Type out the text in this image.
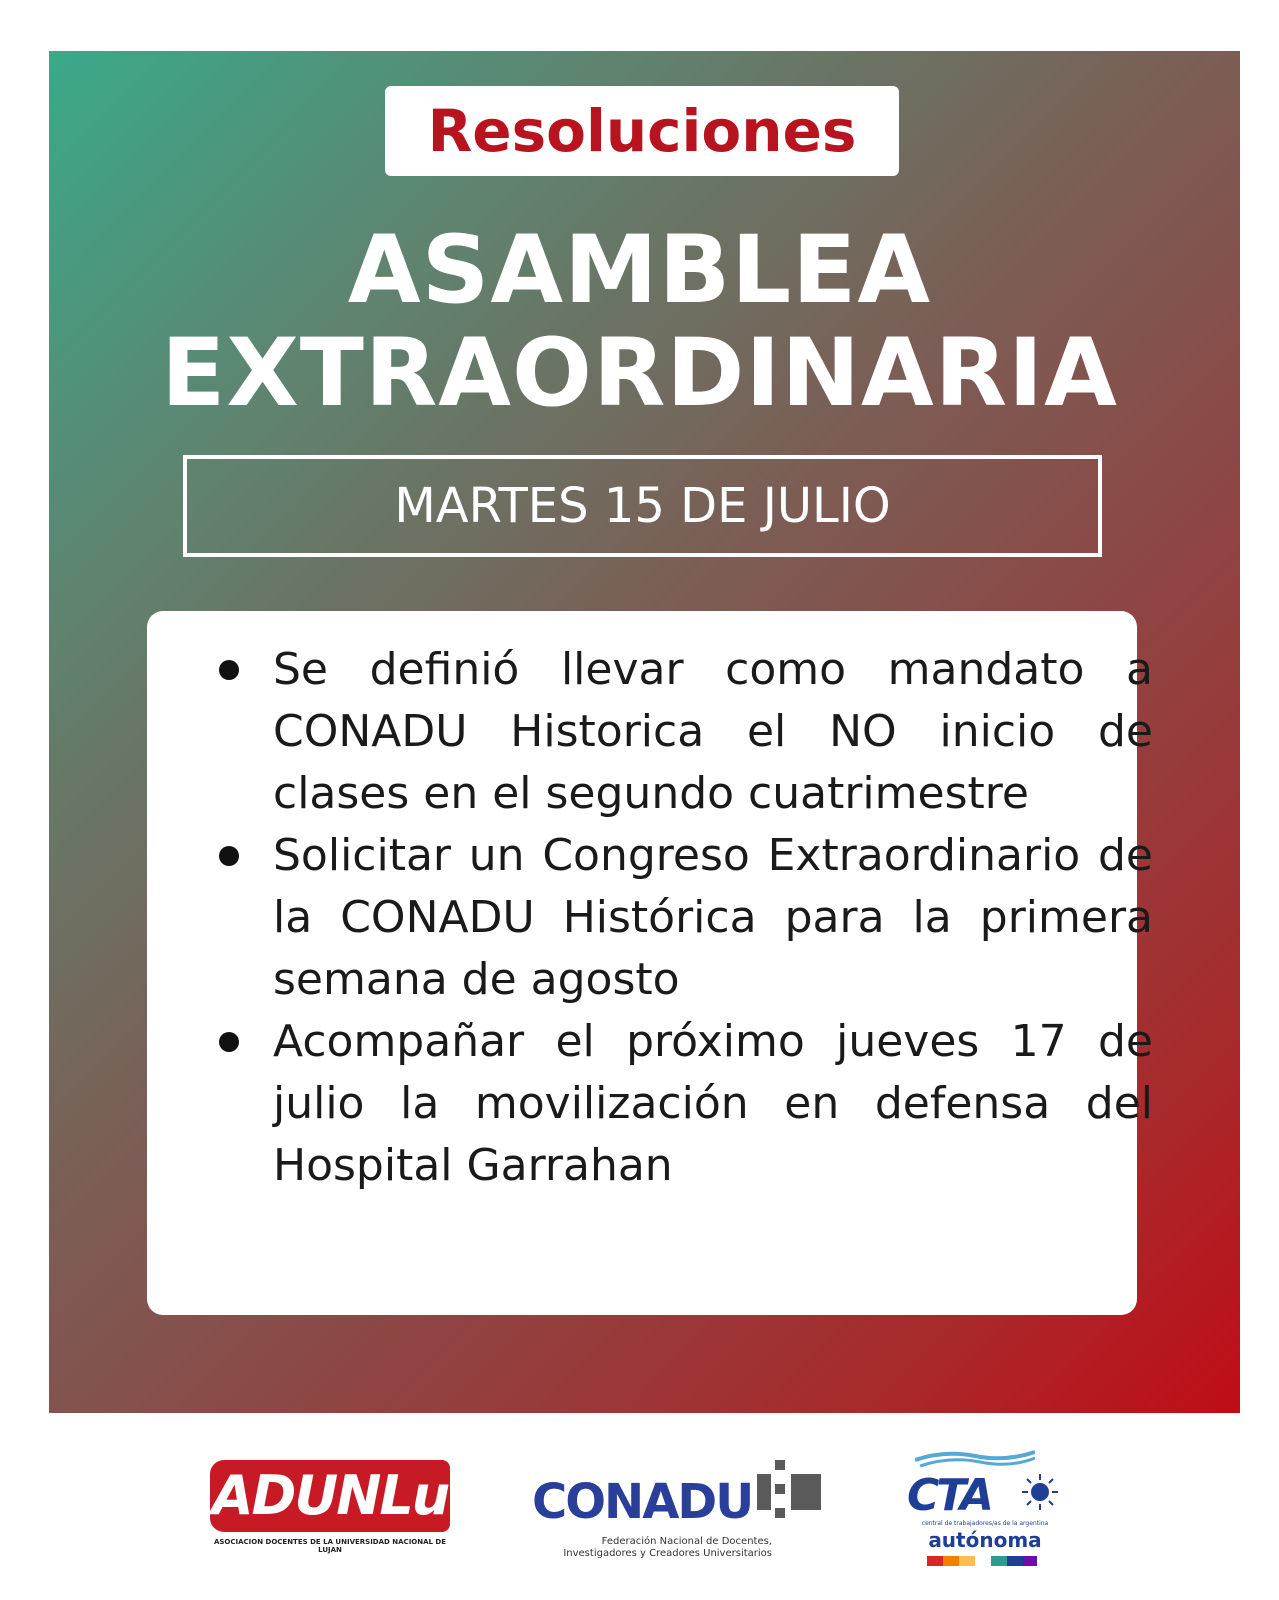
Resoluciones
ASAMBLEA
EXTRAORDINARIA
MARTES 15 DE JULIO
Se definió llevar como mandato a CONADU Historica el NO inicio de clases en el segundo cuatrimestre
Solicitar un Congreso Extraordinario de la CONADU Histórica para la primera semana de agosto
Acompañar el próximo jueves 17 de julio la movilización en defensa del Hospital Garrahan
ADUNLu
ASOCIACION DOCENTES DE LA UNIVERSIDAD NACIONAL DE LUJAN
CONADU
Federación Nacional de Docentes,
Investigadores y Creadores Universitarios
CTA
central de trabajadores/as de la argentina
autónoma
